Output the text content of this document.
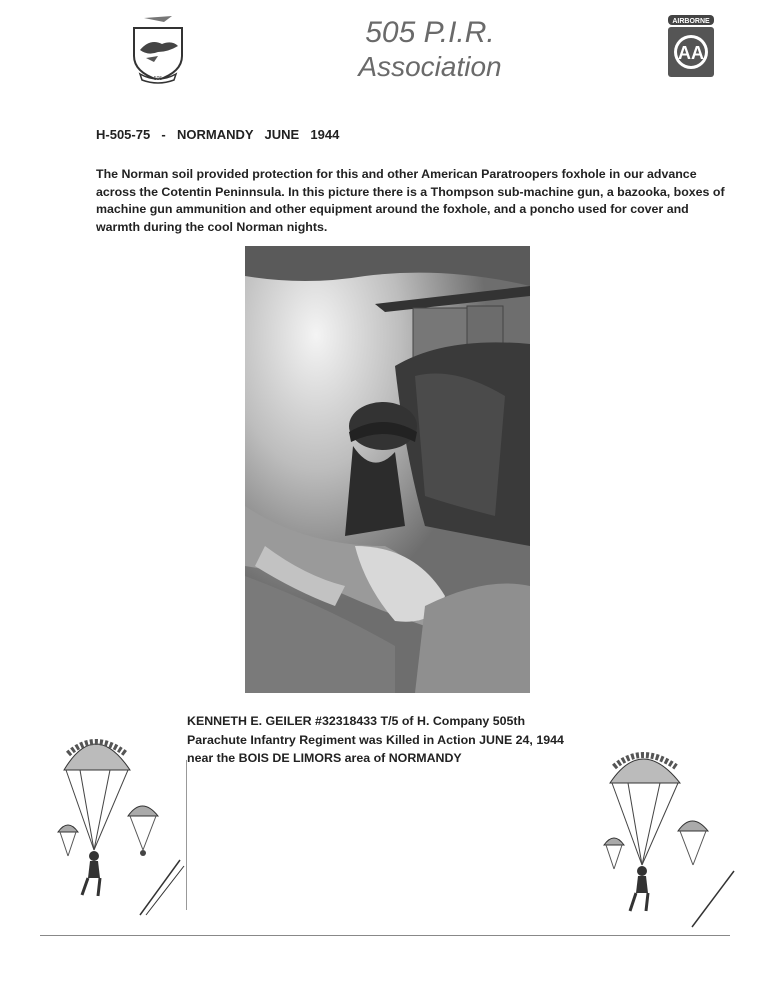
505
505 P.I.R.
Association
AIRBORNE
AA
H-505-75  -  NORMANDY  JUNE  1944
The Norman soil provided protection for this and other American Paratroopers foxhole in our advance across the Cotentin Peninnsula. In this picture there is a Thompson sub-machine gun, a bazooka, boxes of machine gun ammunition and other equipment around the foxhole, and a poncho used for cover and warmth during the cool Norman nights.
KENNETH E. GEILER #32318433 T/5 of H. Company 505th
Parachute Infantry Regiment was Killed in Action JUNE 24, 1944
near the BOIS DE LIMORS area of NORMANDY
